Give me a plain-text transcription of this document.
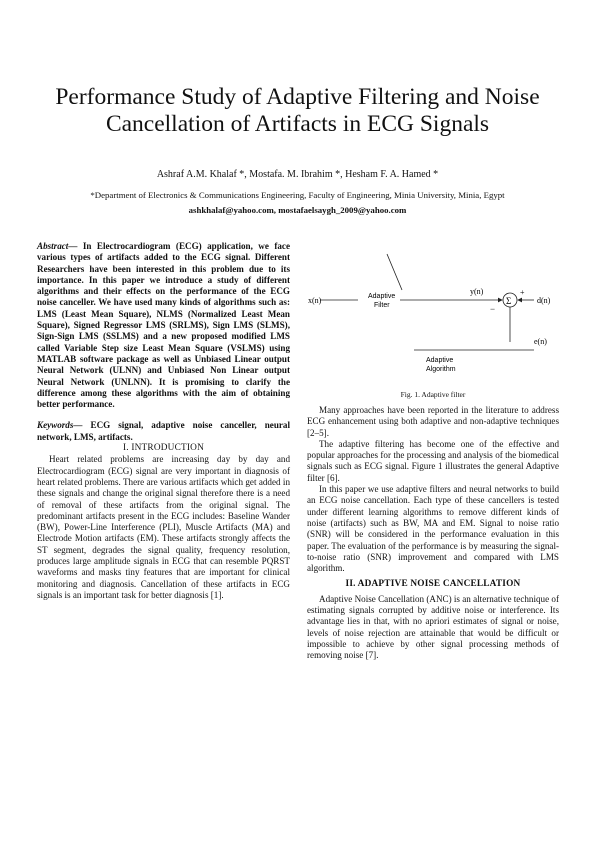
Performance Study of Adaptive Filtering and Noise Cancellation of Artifacts in ECG Signals
Ashraf A.M. Khalaf *, Mostafa. M. Ibrahim *, Hesham F. A. Hamed *
*Department of Electronics & Communications Engineering, Faculty of Engineering, Minia University, Minia, Egypt
ashkhalaf@yahoo.com, mostafaelsaygh_2009@yahoo.com

Abstract— In Electrocardiogram (ECG) application, we face various types of artifacts added to the ECG signal. Different Researchers have been interested in this problem due to its importance. In this paper we introduce a study of different algorithms and their effects on the performance of the ECG noise canceller. We have used many kinds of algorithms such as: LMS (Least Mean Square), NLMS (Normalized Least Mean Square), Signed Regressor LMS (SRLMS), Sign LMS (SLMS), Sign-Sign LMS (SSLMS) and a new proposed modified LMS called Variable Step size Least Mean Square (VSLMS) using MATLAB software package as well as Unbiased Linear output Neural Network (ULNN) and Unbiased Non Linear output Neural Network (UNLNN). It is promising to clarify the difference among these algorithms with the aim of obtaining better performance.

Keywords— ECG signal, adaptive noise canceller, neural network, LMS, artifacts.

I. INTRODUCTION

Heart related problems are increasing day by day and Electrocardiogram (ECG) signal are very important in diagnosis of heart related problems. There are various artifacts which get added in these signals and change the original signal therefore there is a need of removal of these artifacts from the original signal. The predominant artifacts present in the ECG includes: Baseline Wander (BW), Power-Line Interference (PLI), Muscle Artifacts (MA) and Electrode Motion artifacts (EM). These artifacts strongly affects the ST segment, degrades the signal quality, frequency resolution, produces large amplitude signals in ECG that can resemble PQRST waveforms and masks tiny features that are important for clinical monitoring and diagnosis. Cancellation of these artifacts in ECG signals is an important task for better diagnosis [1].

x(n)	Adaptive
Filter
y(n)
−
Σ	d(n)
+
e(n)
Adaptive
Algorithm
Fig. 1. Adaptive filter

Many approaches have been reported in the literature to address ECG enhancement using both adaptive and non-adaptive techniques [2–5].

The adaptive filtering has become one of the effective and popular approaches for the processing and analysis of the biomedical signals such as ECG signal. Figure 1 illustrates the general Adaptive filter [6].

In this paper we use adaptive filters and neural networks to build an ECG noise cancellation. Each type of these cancellers is tested under different learning algorithms to remove different kinds of noise (artifacts) such as BW, MA and EM. Signal to noise ratio (SNR) will be considered in the performance evaluation in this paper. The evaluation of the performance is by measuring the signal-to-noise ratio (SNR) improvement and compared with LMS algorithm.

II. ADAPTIVE NOISE CANCELLATION

Adaptive Noise Cancellation (ANC) is an alternative technique of estimating signals corrupted by additive noise or interference. Its advantage lies in that, with no apriori estimates of signal or noise, levels of noise rejection are attainable that would be difficult or impossible to achieve by other signal processing methods of removing noise [7].
